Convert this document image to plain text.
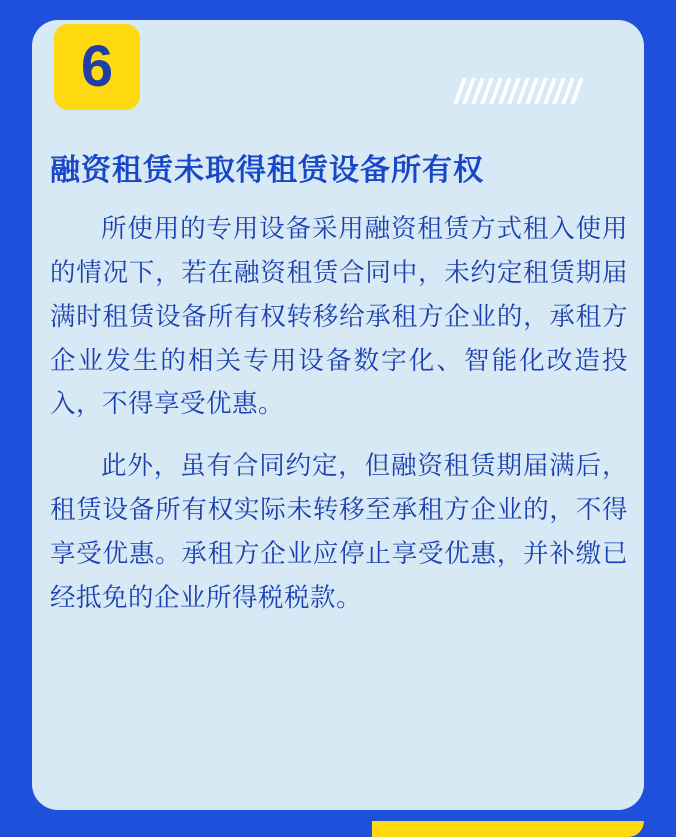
6
融资租赁未取得租赁设备所有权

所使用的专用设备采用融资租赁方式租入使用的情况下，若在融资租赁合同中，未约定租赁期届满时租赁设备所有权转移给承租方企业的，承租方企业发生的相关专用设备数字化、智能化改造投入，不得享受优惠。

此外，虽有合同约定，但融资租赁期届满后，租赁设备所有权实际未转移至承租方企业的，不得享受优惠。承租方企业应停止享受优惠，并补缴已经抵免的企业所得税税款。
